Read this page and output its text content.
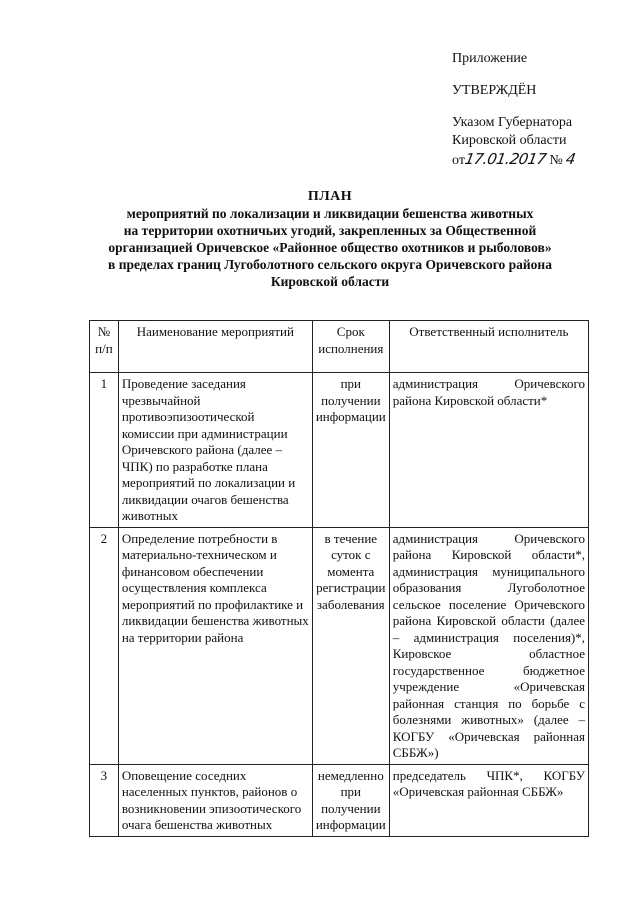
Приложение
УТВЕРЖДЁН
Указом Губернатора
Кировской области
от17.01.2017 № 4
ПЛАН
мероприятий по локализации и ликвидации бешенства животных
на территории охотничьих угодий, закрепленных за Общественной
организацией Оричевское «Районное общество охотников и рыболовов»
в пределах границ Лугоболотного сельского округа Оричевского района
Кировской области
№ п/п	Наименование мероприятий	Срок исполнения	Ответственный исполнитель
1	Проведение заседания чрезвычайной противоэпизоотической комиссии при администрации Оричевского района (далее – ЧПК) по разработке плана мероприятий по локализации и ликвидации очагов бешенства животных	при получении информации	администрация Оричевского района Кировской области*
2	Определение потребности в материально-техническом и финансовом обеспечении осуществления комплекса мероприятий по профилактике и ликвидации бешенства животных на территории района	в течение суток с момента регистрации заболевания	администрация Оричевского района Кировской области*, администрация муниципального образования Лугоболотное сельское поселение Оричевского района Кировской области (далее – администрация поселения)*, Кировское областное государственное бюджетное учреждение «Оричевская районная станция по борьбе с болезнями животных» (далее – КОГБУ «Оричевская районная СББЖ»)
3	Оповещение соседних населенных пунктов, районов о возникновении эпизоотического очага бешенства животных	немедленно при получении информации	председатель ЧПК*, КОГБУ «Оричевская районная СББЖ»
